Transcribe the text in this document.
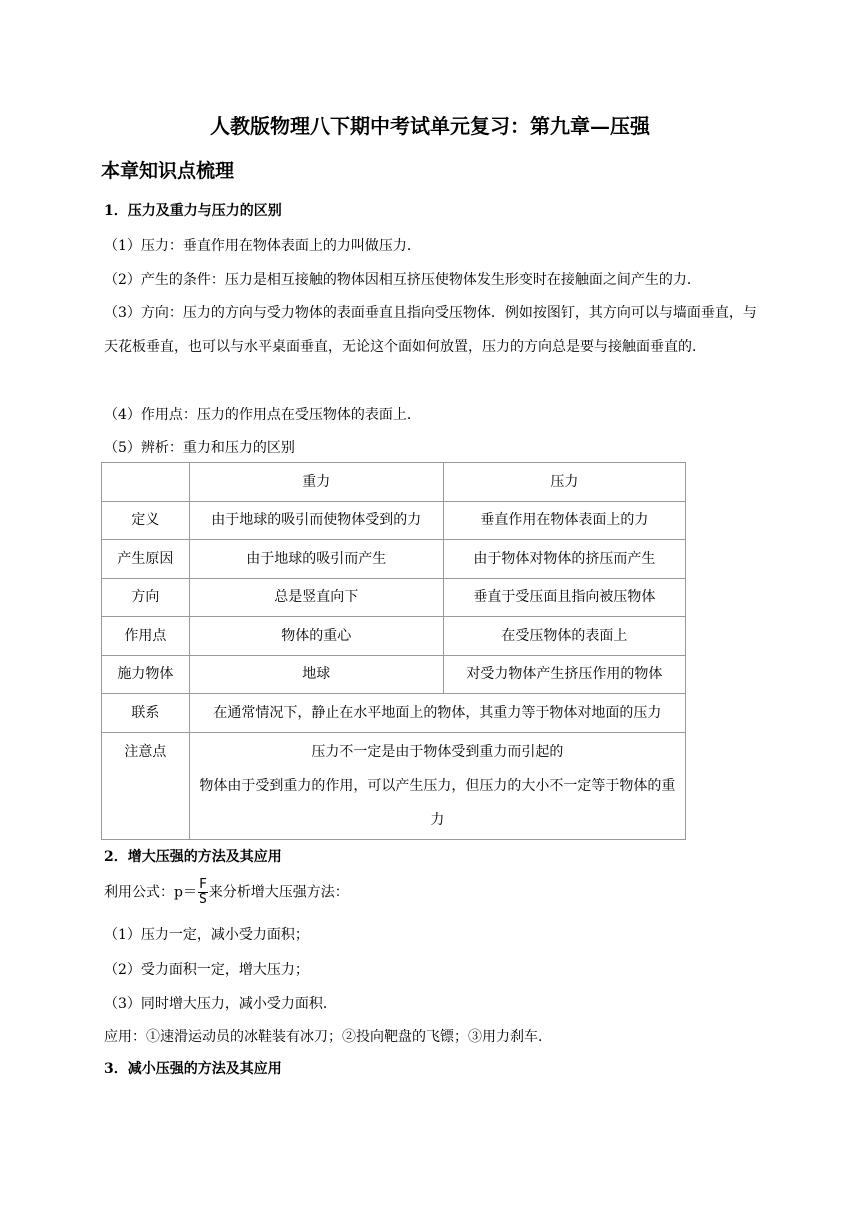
人教版物理八下期中考试单元复习：第九章—压强
本章知识点梳理
1．压力及重力与压力的区别
（1）压力：垂直作用在物体表面上的力叫做压力．
（2）产生的条件：压力是相互接触的物体因相互挤压使物体发生形变时在接触面之间产生的力．
（3）方向：压力的方向与受力物体的表面垂直且指向受压物体．例如按图钉，其方向可以与墙面垂直，与天花板垂直，也可以与水平桌面垂直，无论这个面如何放置，压力的方向总是要与接触面垂直的．
（4）作用点：压力的作用点在受压物体的表面上．
（5）辨析：重力和压力的区别
	重力	压力
定义	由于地球的吸引而使物体受到的力	垂直作用在物体表面上的力
产生原因	由于地球的吸引而产生	由于物体对物体的挤压而产生
方向	总是竖直向下	垂直于受压面且指向被压物体
作用点	物体的重心	在受压物体的表面上
施力物体	地球	对受力物体产生挤压作用的物体
联系	在通常情况下，静止在水平地面上的物体，其重力等于物体对地面的压力	
注意点	压力不一定是由于物体受到重力而引起的
物体由于受到重力的作用，可以产生压力，但压力的大小不一定等于物体的重力	
2．增大压强的方法及其应用
利用公式：$p= \frac{F}{S}$ 来分析增大压强方法：
（1）压力一定，减小受力面积；
（2）受力面积一定，增大压力；
（3）同时增大压力，减小受力面积．
应用：①速滑运动员的冰鞋装有冰刀；②投向靶盘的飞镖；③用力刹车．
3．减小压强的方法及其应用
